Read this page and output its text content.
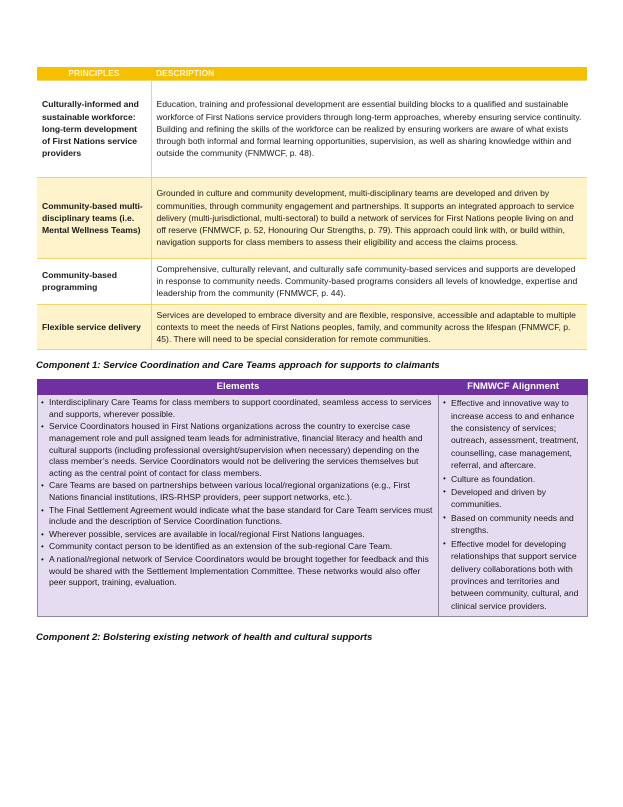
PRINCIPLES	DESCRIPTION
Culturally-informed and sustainable workforce: long-term development of First Nations service providers	Education, training and professional development are essential building blocks to a qualified and sustainable workforce of First Nations service providers through long-term approaches, whereby ensuring service continuity. Building and refining the skills of the workforce can be realized by ensuring workers are aware of what exists through both informal and formal learning opportunities, supervision, as well as sharing knowledge within and outside the community (FNMWCF, p. 48).
Community-based multi-disciplinary teams (i.e. Mental Wellness Teams)	Grounded in culture and community development, multi-disciplinary teams are developed and driven by communities, through community engagement and partnerships. It supports an integrated approach to service delivery (multi-jurisdictional, multi-sectoral) to build a network of services for First Nations people living on and off reserve (FNMWCF, p. 52, Honouring Our Strengths, p. 79). This approach could link with, or build within, navigation supports for class members to assess their eligibility and access the claims process.
Community-based programming	Comprehensive, culturally relevant, and culturally safe community-based services and supports are developed in response to community needs. Community-based programs considers all levels of knowledge, expertise and leadership from the community (FNMWCF, p. 44).
Flexible service delivery	Services are developed to embrace diversity and are flexible, responsive, accessible and adaptable to multiple contexts to meet the needs of First Nations peoples, family, and community across the lifespan (FNMWCF, p. 45). There will need to be special consideration for remote communities.
Component 1: Service Coordination and Care Teams approach for supports to claimants
Elements	FNMWCF Alignment

• Interdisciplinary Care Teams for class members to support coordinated, seamless access to services and supports, wherever possible.
• Service Coordinators housed in First Nations organizations across the country to exercise case management role and pull assigned team leads for administrative, financial literacy and health and cultural supports (including professional oversight/supervision when necessary) depending on the class member’s needs. Service Coordinators would not be delivering the services themselves but acting as the central point of contact for class members.
• Care Teams are based on partnerships between various local/regional organizations (e.g., First Nations financial institutions, IRS-RHSP providers, peer support networks, etc.).
• The Final Settlement Agreement would indicate what the base standard for Care Team services must include and the description of Service Coordination functions.
• Wherever possible, services are available in local/regional First Nations languages.
• Community contact person to be identified as an extension of the sub-regional Care Team.
• A national/regional network of Service Coordinators would be brought together for feedback and this would be shared with the Settlement Implementation Committee. These networks would also offer peer support, training, evaluation.

• Effective and innovative way to increase access to and enhance the consistency of services; outreach, assessment, treatment, counselling, case management, referral, and aftercare.
• Culture as foundation.
• Developed and driven by communities.
• Based on community needs and strengths.
• Effective model for developing relationships that support service delivery collaborations both with provinces and territories and between community, cultural, and clinical service providers.
Component 2: Bolstering existing network of health and cultural supports
